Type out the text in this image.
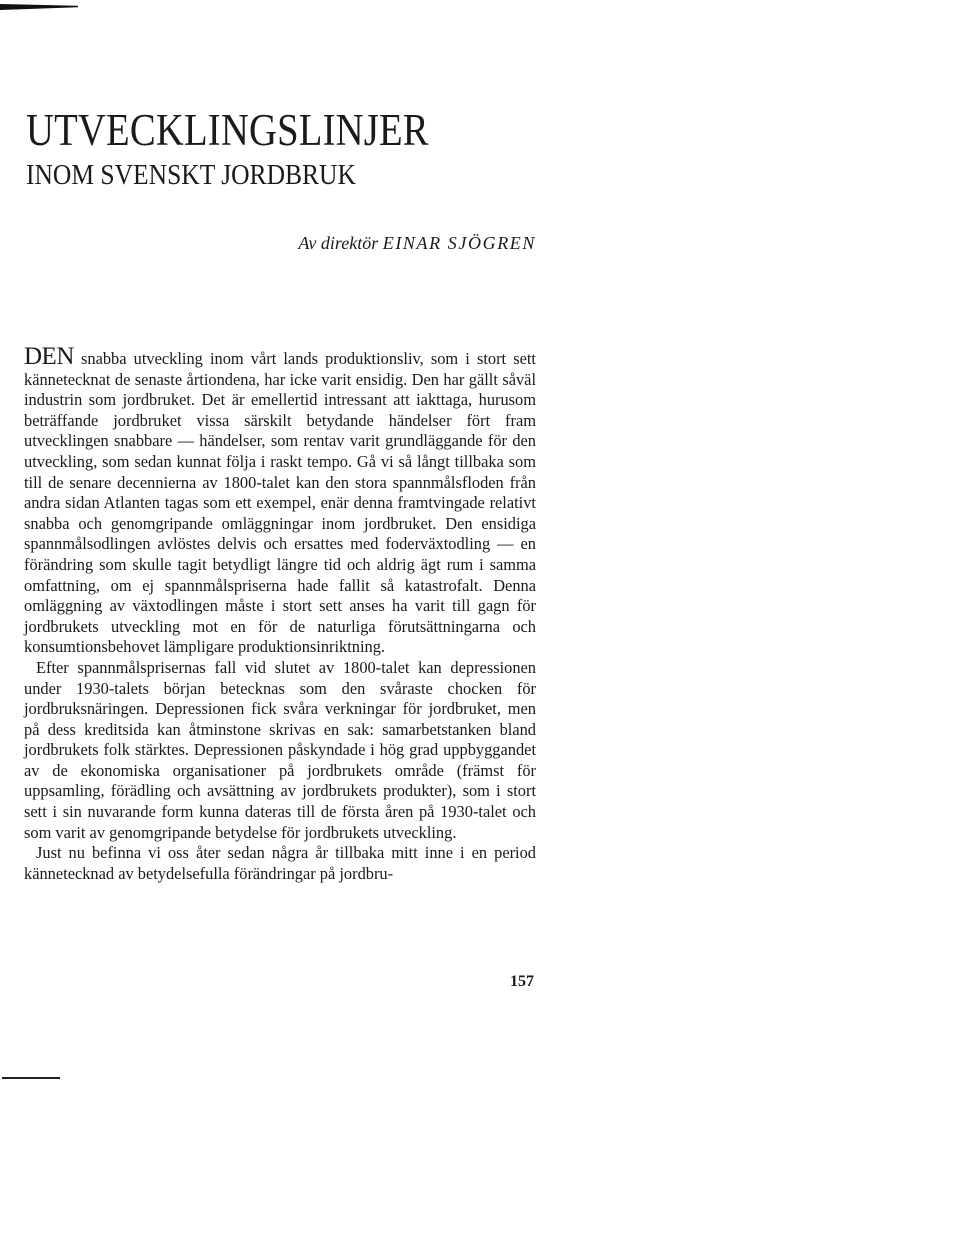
UTVECKLINGSLINJER
INOM SVENSKT JORDBRUK
Av direktör EINAR SJÖGREN

DEN snabba utveckling inom vårt lands produktionsliv, som i stort sett kännetecknat de senaste årtiondena, har icke varit ensidig. Den har gällt såväl industrin som jordbruket. Det är emellertid intressant att iakttaga, hurusom beträffande jordbruket vissa särskilt betydande händelser fört fram utvecklingen snabbare — händelser, som rentav varit grundläggande för den utveckling, som sedan kunnat följa i raskt tempo. Gå vi så långt tillbaka som till de senare decennierna av 1800-talet kan den stora spannmålsfloden från andra sidan Atlanten tagas som ett exempel, enär denna framtvingade relativt snabba och genomgripande omläggningar inom jordbruket. Den ensidiga spannmålsodlingen avlöstes delvis och ersattes med foderväxtodling — en förändring som skulle tagit betydligt längre tid och aldrig ägt rum i samma omfattning, om ej spannmålspriserna hade fallit så katastrofalt. Denna omläggning av växtodlingen måste i stort sett anses ha varit till gagn för jordbrukets utveckling mot en för de naturliga förutsättningarna och konsumtionsbehovet lämpligare produktionsinriktning.

Efter spannmålsprisernas fall vid slutet av 1800-talet kan depressionen under 1930-talets början betecknas som den svåraste chocken för jordbruksnäringen. Depressionen fick svåra verkningar för jordbruket, men på dess kreditsida kan åtminstone skrivas en sak: samarbetstanken bland jordbrukets folk stärktes. Depressionen påskyndade i hög grad uppbyggandet av de ekonomiska organisationer på jordbrukets område (främst för uppsamling, förädling och avsättning av jordbrukets produkter), som i stort sett i sin nuvarande form kunna dateras till de första åren på 1930-talet och som varit av genomgripande betydelse för jordbrukets utveckling.

Just nu befinna vi oss åter sedan några år tillbaka mitt inne i en period kännetecknad av betydelsefulla förändringar på jordbru-

157
